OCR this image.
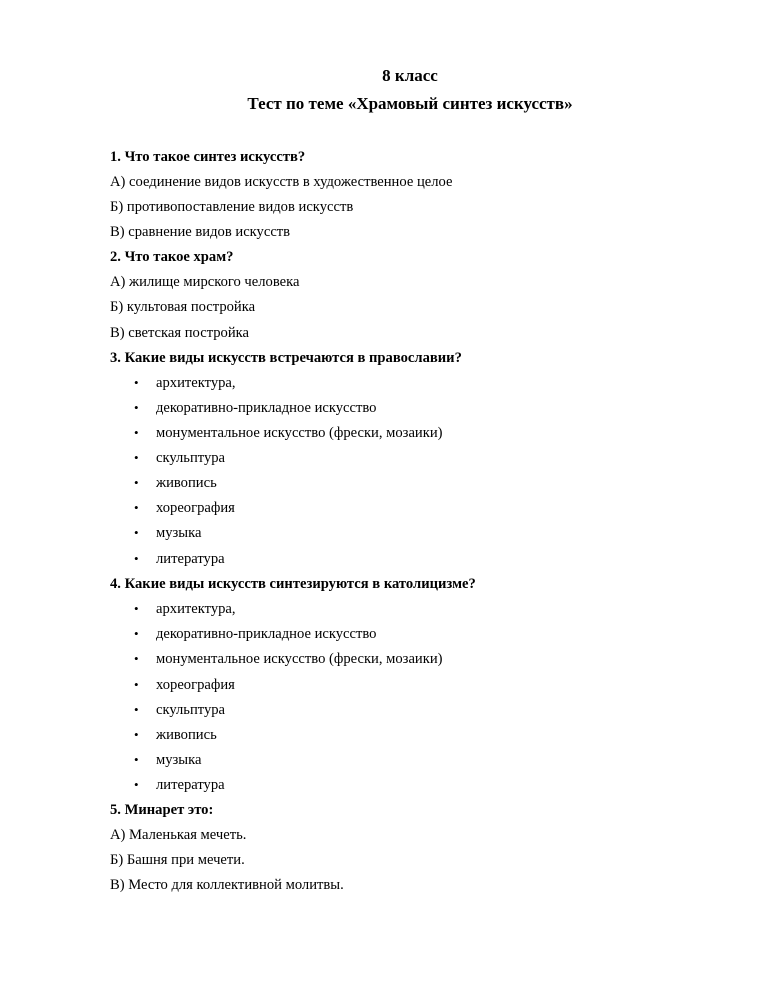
8 класс
Тест по теме «Храмовый синтез искусств»
1. Что такое синтез искусств?
А) соединение видов искусств в художественное целое
Б) противопоставление видов искусств
В) сравнение видов искусств
2. Что такое храм?
А) жилище мирского человека
Б) культовая постройка
В) светская постройка
3. Какие виды искусств встречаются в православии?
• архитектура,
• декоративно-прикладное искусство
• монументальное искусство (фрески, мозаики)
• скульптура
• живопись
• хореография
• музыка
• литература
4. Какие виды искусств синтезируются в католицизме?
• архитектура,
• декоративно-прикладное искусство
• монументальное искусство (фрески, мозаики)
• хореография
• скульптура
• живопись
• музыка
• литература
5. Минарет это:
А) Маленькая мечеть.
Б) Башня при мечети.
В) Место для коллективной молитвы.
